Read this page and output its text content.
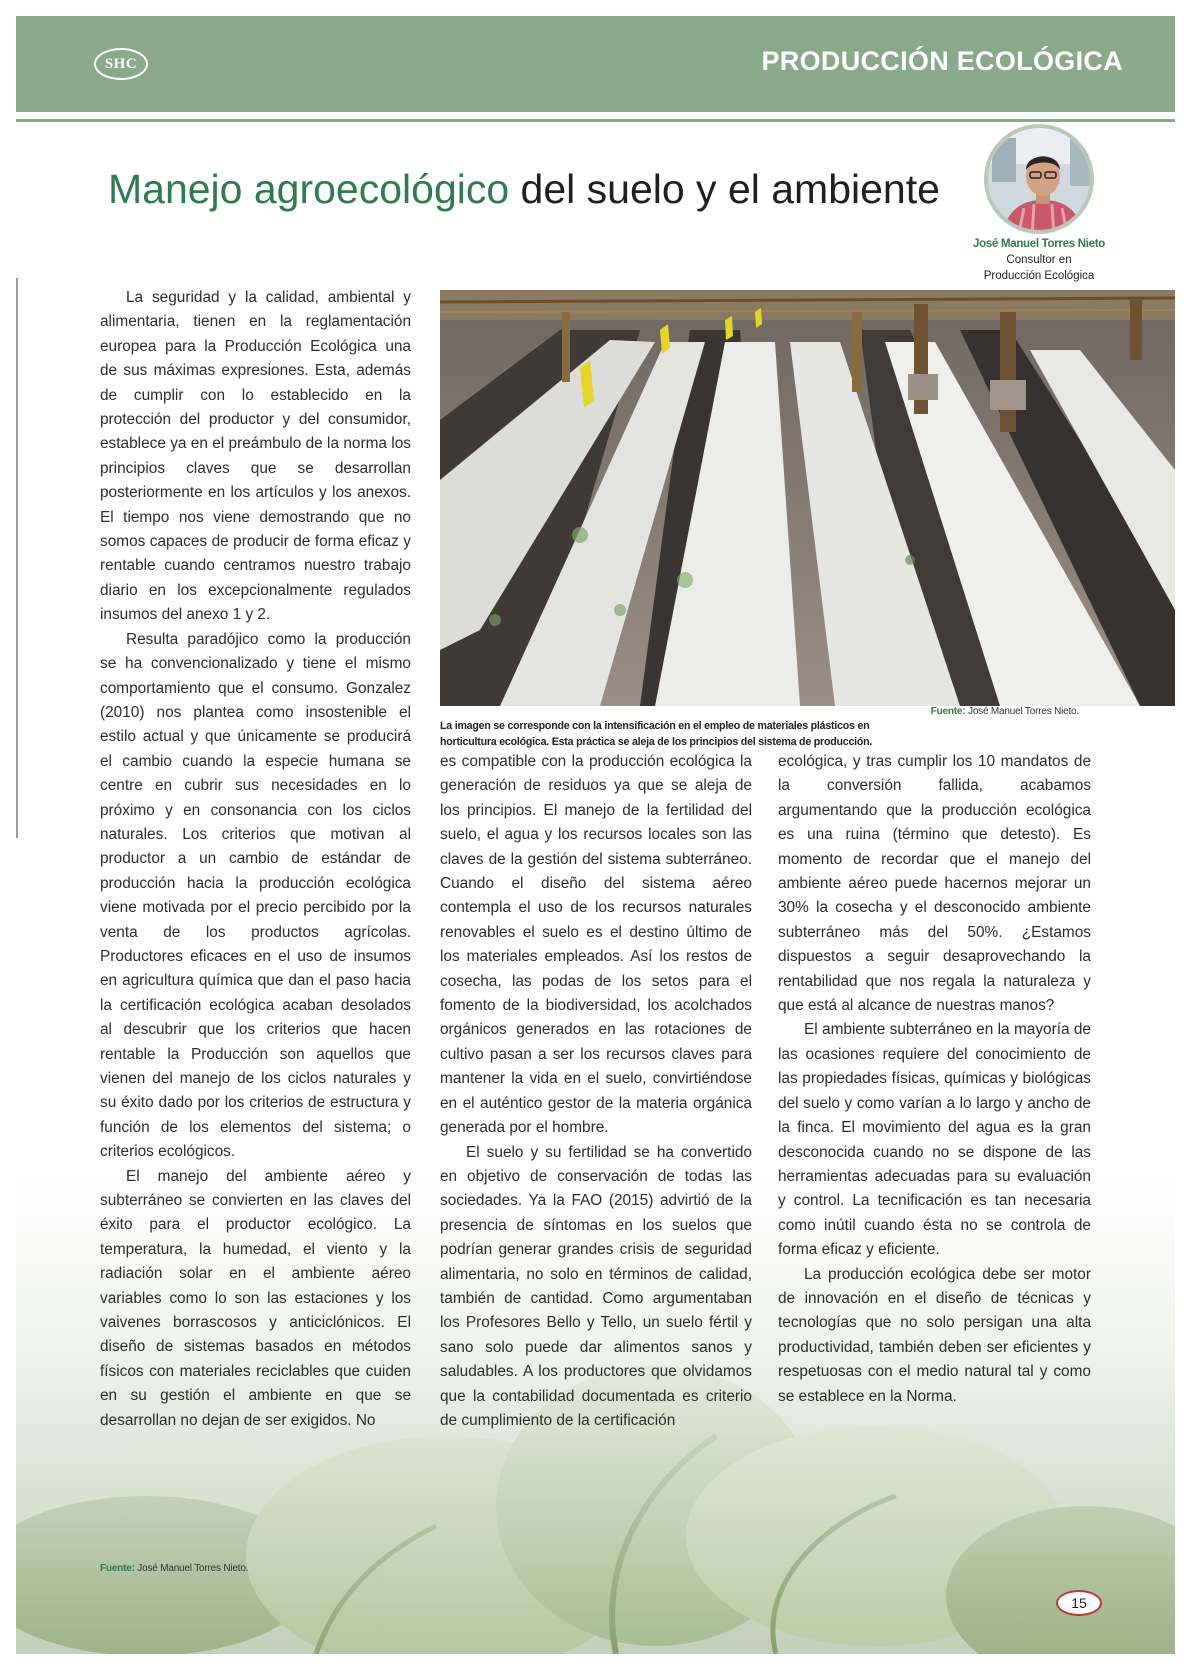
SHC	PRODUCCIÓN ECOLÓGICA
Manejo agroecológico del suelo y el ambiente
José Manuel Torres Nieto
Consultor en
Producción Ecológica
Fuente: José Manuel Torres Nieto.
La imagen se corresponde con la intensificación en el empleo de materiales plásticos en horticultura ecológica. Esta práctica se aleja de los principios del sistema de producción.

La seguridad y la calidad, ambiental y alimentaria, tienen en la reglamentación europea para la Producción Ecológica una de sus máximas expresiones. Esta, además de cumplir con lo establecido en la protección del productor y del consumidor, establece ya en el preámbulo de la norma los principios claves que se desarrollan posteriormente en los artículos y los anexos. El tiempo nos viene demostrando que no somos capaces de producir de forma eficaz y rentable cuando centramos nuestro trabajo diario en los excepcionalmente regulados insumos del anexo 1 y 2.

Resulta paradójico como la producción se ha convencionalizado y tiene el mismo comportamiento que el consumo. Gonzalez (2010) nos plantea como insostenible el estilo actual y que únicamente se producirá el cambio cuando la especie humana se centre en cubrir sus necesidades en lo próximo y en consonancia con los ciclos naturales. Los criterios que motivan al productor a un cambio de estándar de producción hacia la producción ecológica viene motivada por el precio percibido por la venta de los productos agrícolas. Productores eficaces en el uso de insumos en agricultura química que dan el paso hacia la certificación ecológica acaban desolados al descubrir que los criterios que hacen rentable la Producción son aquellos que vienen del manejo de los ciclos naturales y su éxito dado por los criterios de estructura y función de los elementos del sistema; o criterios ecológicos.

El manejo del ambiente aéreo y subterráneo se convierten en las claves del éxito para el productor ecológico. La temperatura, la humedad, el viento y la radiación solar en el ambiente aéreo variables como lo son las estaciones y los vaivenes borrascosos y anticiclónicos. El diseño de sistemas basados en métodos físicos con materiales reciclables que cuiden en su gestión el ambiente en que se desarrollan no dejan de ser exigidos. No

es compatible con la producción ecológica la generación de residuos ya que se aleja de los principios. El manejo de la fertilidad del suelo, el agua y los recursos locales son las claves de la gestión del sistema subterráneo. Cuando el diseño del sistema aéreo contempla el uso de los recursos naturales renovables el suelo es el destino último de los materiales empleados. Así los restos de cosecha, las podas de los setos para el fomento de la biodiversidad, los acolchados orgánicos generados en las rotaciones de cultivo pasan a ser los recursos claves para mantener la vida en el suelo, convirtiéndose en el auténtico gestor de la materia orgánica generada por el hombre.

El suelo y su fertilidad se ha convertido en objetivo de conservación de todas las sociedades. Ya la FAO (2015) advirtió de la presencia de síntomas en los suelos que podrían generar grandes crisis de seguridad alimentaria, no solo en términos de calidad, también de cantidad. Como argumentaban los Profesores Bello y Tello, un suelo fértil y sano solo puede dar alimentos sanos y saludables. A los productores que olvidamos que la contabilidad documentada es criterio de cumplimiento de la certificación

ecológica, y tras cumplir los 10 mandatos de la conversión fallida, acabamos argumentando que la producción ecológica es una ruina (término que detesto). Es momento de recordar que el manejo del ambiente aéreo puede hacernos mejorar un 30% la cosecha y el desconocido ambiente subterráneo más del 50%. ¿Estamos dispuestos a seguir desaprovechando la rentabilidad que nos regala la naturaleza y que está al alcance de nuestras manos?

El ambiente subterráneo en la mayoría de las ocasiones requiere del conocimiento de las propiedades físicas, químicas y biológicas del suelo y como varían a lo largo y ancho de la finca. El movimiento del agua es la gran desconocida cuando no se dispone de las herramientas adecuadas para su evaluación y control. La tecnificación es tan necesaria como inútil cuando ésta no se controla de forma eficaz y eficiente.

La producción ecológica debe ser motor de innovación en el diseño de técnicas y tecnologías que no solo persigan una alta productividad, también deben ser eficientes y respetuosas con el medio natural tal y como se establece en la Norma.

Fuente: José Manuel Torres Nieto.
15
